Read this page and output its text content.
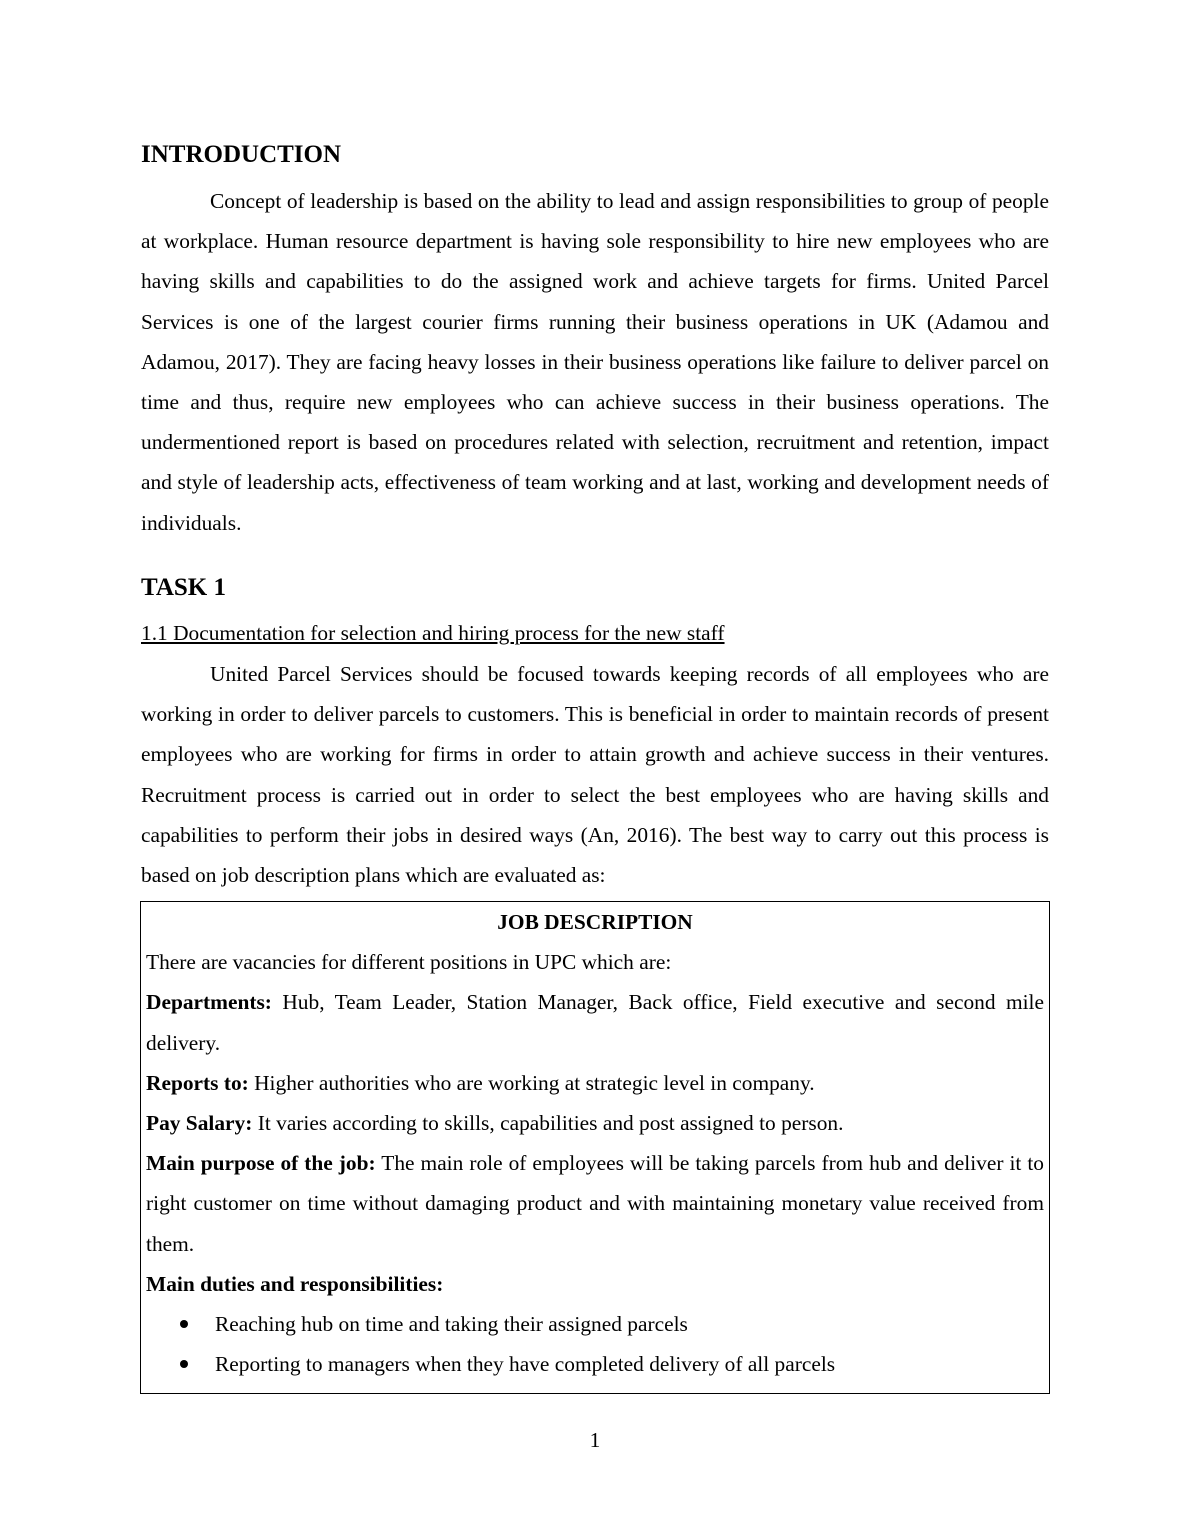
INTRODUCTION

Concept of leadership is based on the ability to lead and assign responsibilities to group of people at workplace. Human resource department is having sole responsibility to hire new employees who are having skills and capabilities to do the assigned work and achieve targets for firms. United Parcel Services is one of the largest courier firms running their business operations in UK (Adamou and Adamou, 2017). They are facing heavy losses in their business operations like failure to deliver parcel on time and thus, require new employees who can achieve success in their business operations. The undermentioned report is based on procedures related with selection, recruitment and retention, impact and style of leadership acts, effectiveness of team working and at last, working and development needs of individuals.

TASK 1

1.1 Documentation for selection and hiring process for the new staff

United Parcel Services should be focused towards keeping records of all employees who are working in order to deliver parcels to customers. This is beneficial in order to maintain records of present employees who are working for firms in order to attain growth and achieve success in their ventures. Recruitment process is carried out in order to select the best employees who are having skills and capabilities to perform their jobs in desired ways (An, 2016). The best way to carry out this process is based on job description plans which are evaluated as:

JOB DESCRIPTION
There are vacancies for different positions in UPC which are:
Departments: Hub, Team Leader, Station Manager, Back office, Field executive and second mile delivery.
Reports to: Higher authorities who are working at strategic level in company.
Pay Salary: It varies according to skills, capabilities and post assigned to person.
Main purpose of the job: The main role of employees will be taking parcels from hub and deliver it to right customer on time without damaging product and with maintaining monetary value received from them.
Main duties and responsibilities:
Reaching hub on time and taking their assigned parcels
Reporting to managers when they have completed delivery of all parcels
1
